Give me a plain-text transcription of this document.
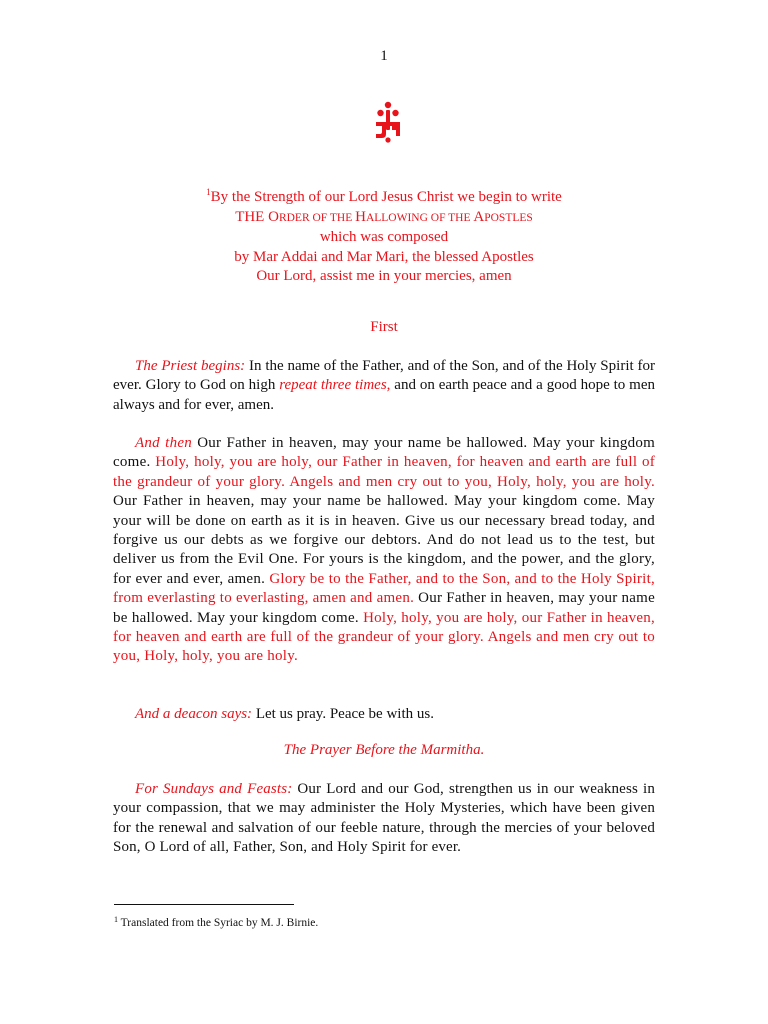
1
$^1$By the Strength of our Lord Jesus Christ we begin to write
THE ORDER OF THE HALLOWING OF THE APOSTLES
which was composed
by Mar Addai and Mar Mari, the blessed Apostles
Our Lord, assist me in your mercies, amen
First

The Priest begins: In the name of the Father, and of the Son, and of the Holy Spirit for ever. Glory to God on high repeat three times, and on earth peace and a good hope to men always and for ever, amen.

And then Our Father in heaven, may your name be hallowed. May your kingdom come. Holy, holy, you are holy, our Father in heaven, for heaven and earth are full of the grandeur of your glory. Angels and men cry out to you, Holy, holy, you are holy. Our Father in heaven, may your name be hallowed. May your kingdom come. May your will be done on earth as it is in heaven. Give us our necessary bread today, and forgive us our debts as we forgive our debtors. And do not lead us to the test, but deliver us from the Evil One. For yours is the kingdom, and the power, and the glory, for ever and ever, amen. Glory be to the Father, and to the Son, and to the Holy Spirit, from everlasting to everlasting, amen and amen. Our Father in heaven, may your name be hallowed. May your kingdom come. Holy, holy, you are holy, our Father in heaven, for heaven and earth are full of the grandeur of your glory. Angels and men cry out to you, Holy, holy, you are holy.

And a deacon says: Let us pray. Peace be with us.

The Prayer Before the Marmitha.

For Sundays and Feasts: Our Lord and our God, strengthen us in our weakness in your compassion, that we may administer the Holy Mysteries, which have been given for the renewal and salvation of our feeble nature, through the mercies of your beloved Son, O Lord of all, Father, Son, and Holy Spirit for ever.

$^1$ Translated from the Syriac by M. J. Birnie.
